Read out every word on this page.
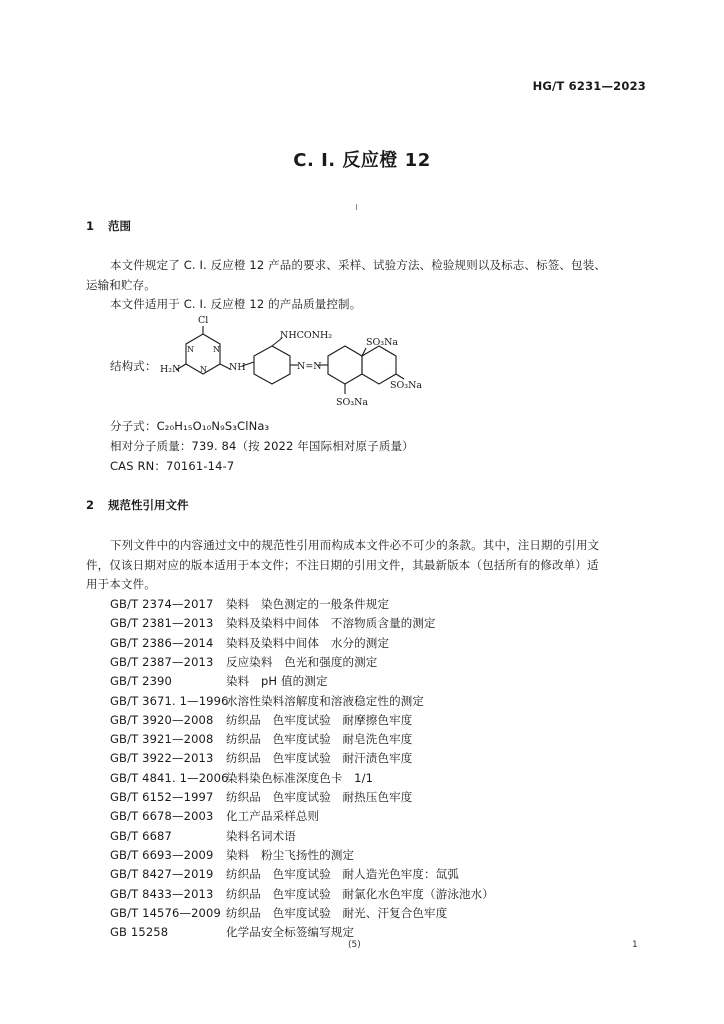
HG/T 6231—2023
C. I. 反应橙 12
1 范围
本文件规定了 C. I. 反应橙 12 产品的要求、采样、试验方法、检验规则以及标志、标签、包装、
运输和贮存。
本文件适用于 C. I. 反应橙 12 的产品质量控制。
结构式：
Cl
N N
N
H₂N	NH
NHCONH₂
N=N
SO₃Na
SO₃Na
SO₃Na
分子式：C₂₀H₁₅O₁₀N₉S₃ClNa₃
相对分子质量：739. 84（按 2022 年国际相对原子质量）
CAS RN：70161-14-7
2 规范性引用文件
下列文件中的内容通过文中的规范性引用而构成本文件必不可少的条款。其中，注日期的引用文
件，仅该日期对应的版本适用于本文件；不注日期的引用文件，其最新版本（包括所有的修改单）适
用于本文件。
GB/T 2374—2017 染料　染色测定的一般条件规定
GB/T 2381—2013 染料及染料中间体　不溶物质含量的测定
GB/T 2386—2014 染料及染料中间体　水分的测定
GB/T 2387—2013 反应染料　色光和强度的测定
GB/T 2390	染料　pH 值的测定
GB/T 3671. 1—1996水溶性染料溶解度和溶液稳定性的测定
GB/T 3920—2008 纺织品　色牢度试验　耐摩擦色牢度
GB/T 3921—2008 纺织品　色牢度试验　耐皂洗色牢度
GB/T 3922—2013 纺织品　色牢度试验　耐汗渍色牢度
GB/T 4841. 1—2006染料染色标准深度色卡　1/1
GB/T 6152—1997 纺织品　色牢度试验　耐热压色牢度
GB/T 6678—2003 化工产品采样总则
GB/T 6687	染料名词术语
GB/T 6693—2009 染料　粉尘飞扬性的测定
GB/T 8427—2019 纺织品　色牢度试验　耐人造光色牢度：氙弧
GB/T 8433—2013 纺织品　色牢度试验　耐氯化水色牢度（游泳池水）
GB/T 14576—2009 纺织品　色牢度试验　耐光、汗复合色牢度
GB 15258	化学品安全标签编写规定
(5)	1
